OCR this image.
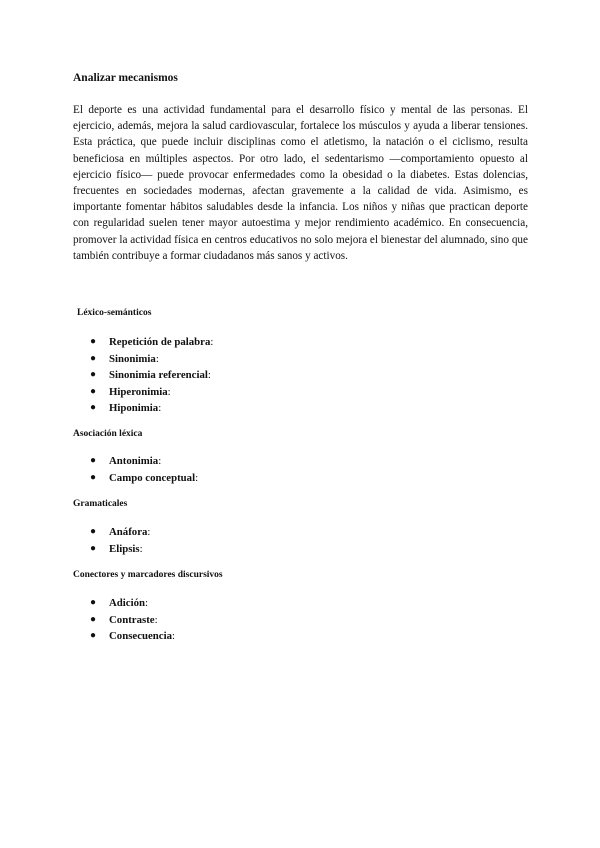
Analizar mecanismos

El deporte es una actividad fundamental para el desarrollo físico y mental de las personas. El ejercicio, además, mejora la salud cardiovascular, fortalece los músculos y ayuda a liberar tensiones. Esta práctica, que puede incluir disciplinas como el atletismo, la natación o el ciclismo, resulta beneficiosa en múltiples aspectos. Por otro lado, el sedentarismo —comportamiento opuesto al ejercicio físico— puede provocar enfermedades como la obesidad o la diabetes. Estas dolencias, frecuentes en sociedades modernas, afectan gravemente a la calidad de vida. Asimismo, es importante fomentar hábitos saludables desde la infancia. Los niños y niñas que practican deporte con regularidad suelen tener mayor autoestima y mejor rendimiento académico. En consecuencia, promover la actividad física en centros educativos no solo mejora el bienestar del alumnado, sino que también contribuye a formar ciudadanos más sanos y activos.

Léxico-semánticos

● Repetición de palabra:
● Sinonimia:
● Sinonimia referencial:
● Hiperonimia:
● Hiponimia:

Asociación léxica

● Antonimia:
● Campo conceptual:

Gramaticales

● Anáfora:
● Elipsis:

Conectores y marcadores discursivos

● Adición:
● Contraste:
● Consecuencia:
